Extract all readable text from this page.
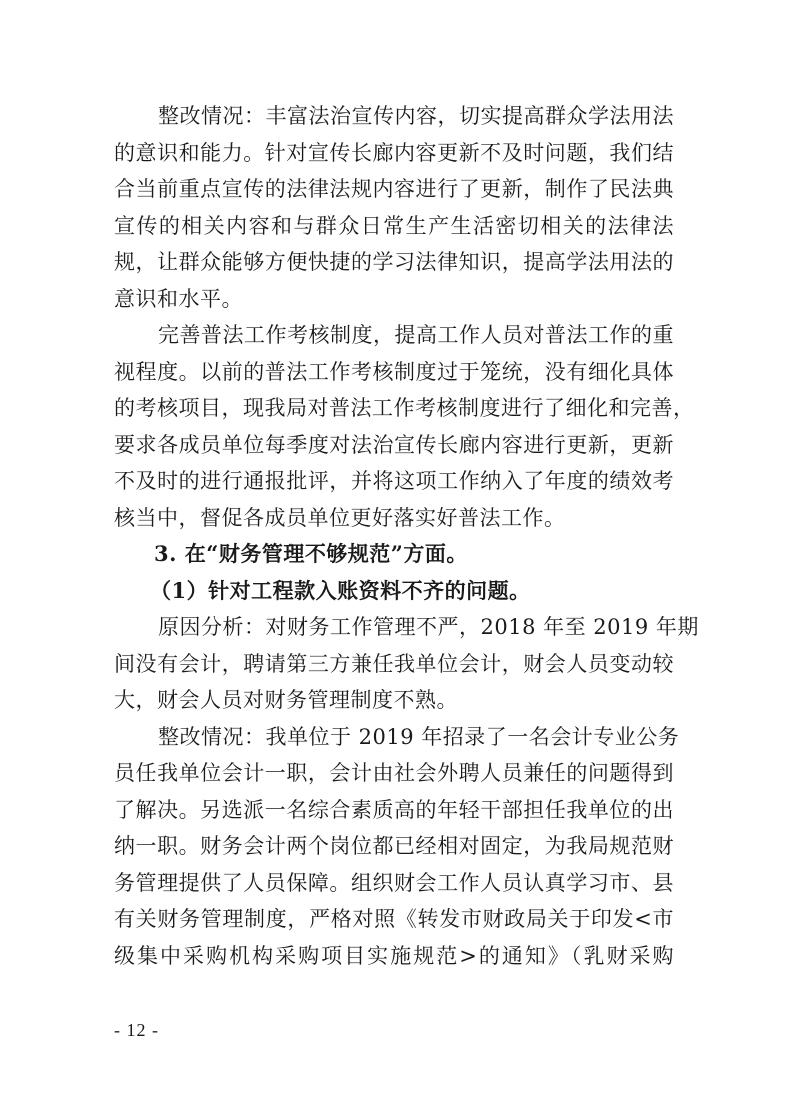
整改情况：丰富法治宣传内容，切实提高群众学法用法
的意识和能力。针对宣传长廊内容更新不及时问题，我们结
合当前重点宣传的法律法规内容进行了更新，制作了民法典
宣传的相关内容和与群众日常生产生活密切相关的法律法
规，让群众能够方便快捷的学习法律知识，提高学法用法的
意识和水平。
完善普法工作考核制度，提高工作人员对普法工作的重
视程度。以前的普法工作考核制度过于笼统，没有细化具体
的考核项目，现我局对普法工作考核制度进行了细化和完善，
要求各成员单位每季度对法治宣传长廊内容进行更新，更新
不及时的进行通报批评，并将这项工作纳入了年度的绩效考
核当中，督促各成员单位更好落实好普法工作。
3. 在“财务管理不够规范”方面。
（1）针对工程款入账资料不齐的问题。
原因分析：对财务工作管理不严，2018 年至 2019 年期
间没有会计，聘请第三方兼任我单位会计，财会人员变动较
大，财会人员对财务管理制度不熟。
整改情况：我单位于 2019 年招录了一名会计专业公务
员任我单位会计一职，会计由社会外聘人员兼任的问题得到
了解决。另选派一名综合素质高的年轻干部担任我单位的出
纳一职。财务会计两个岗位都已经相对固定，为我局规范财
务管理提供了人员保障。组织财会工作人员认真学习市、县
有关财务管理制度，严格对照《转发市财政局关于印发<市
级集中采购机构采购项目实施规范>的通知》（乳财采购
- 12 -
